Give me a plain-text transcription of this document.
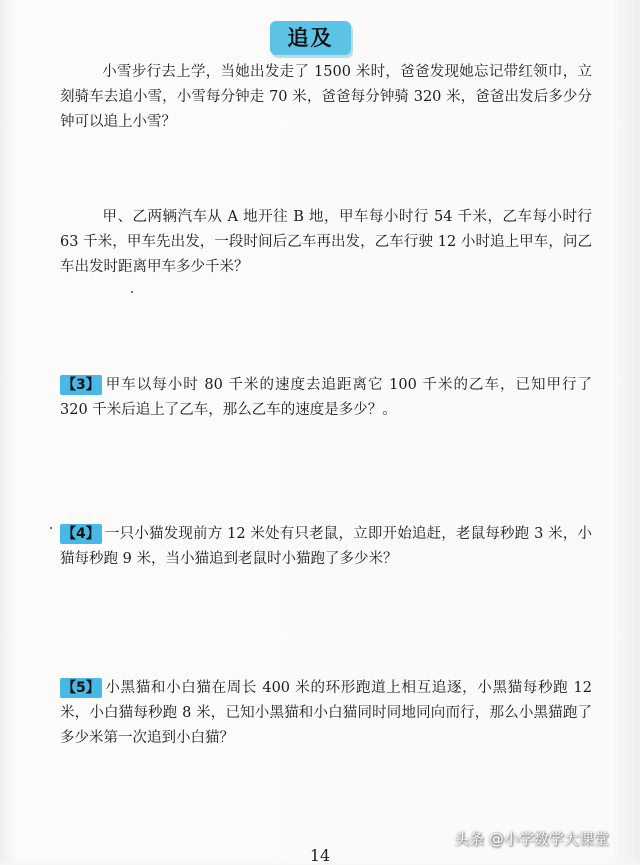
追及

小雪步行去上学，当她出发走了 1500 米时，爸爸发现她忘记带红领巾，立刻骑车去追小雪，小雪每分钟走 70 米，爸爸每分钟骑 320 米，爸爸出发后多少分钟可以追上小雪？

甲、乙两辆汽车从 A 地开往 B 地，甲车每小时行 54 千米，乙车每小时行 63 千米，甲车先出发，一段时间后乙车再出发，乙车行驶 12 小时追上甲车，问乙车出发时距离甲车多少千米？

【3】 甲车以每小时 80 千米的速度去追距离它 100 千米的乙车，已知甲行了 320 千米后追上了乙车，那么乙车的速度是多少？。

【4】 一只小猫发现前方 12 米处有只老鼠，立即开始追赶，老鼠每秒跑 3 米，小猫每秒跑 9 米，当小猫追到老鼠时小猫跑了多少米？

【5】 小黑猫和小白猫在周长 400 米的环形跑道上相互追逐，小黑猫每秒跑 12 米，小白猫每秒跑 8 米，已知小黑猫和小白猫同时同地同向而行，那么小黑猫跑了多少米第一次追到小白猫？

头条 @小学数学大课堂
14
